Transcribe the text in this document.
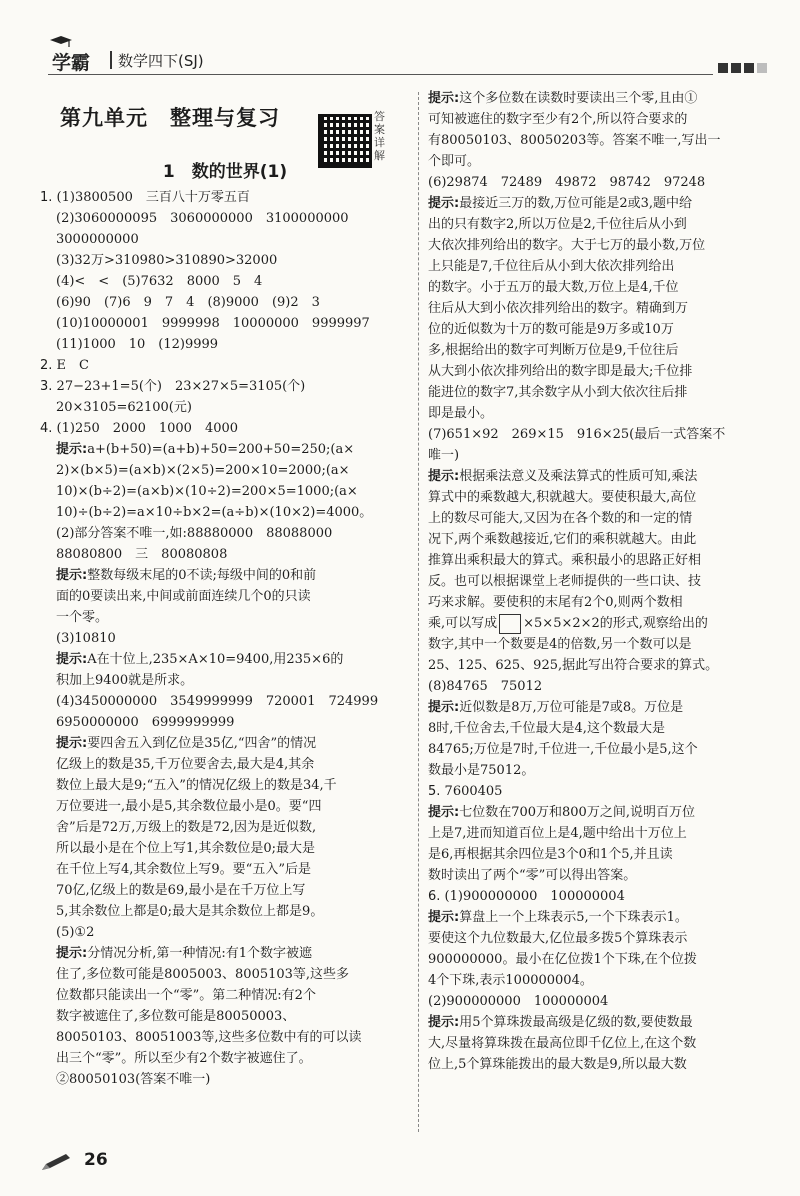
学霸 数学四下(SJ)
第九单元　整理与复习	答案详解
1　数的世界(1)
1. (1)3800500　三百八十万零五百
(2)3060000095　3060000000　3100000000
3000000000
(3)32万>310980>310890>32000
(4)<　<　(5)7632　8000　5　4
(6)90　(7)6　9　7　4　(8)9000　(9)2　3
(10)10000001　9999998　10000000　9999997
(11)1000　10　(12)9999
2. E　C
3. 27−23+1=5(个)　23×27×5=3105(个)
20×3105=62100(元)
4. (1)250　2000　1000　4000
提示:a+(b+50)=(a+b)+50=200+50=250;(a×
2)×(b×5)=(a×b)×(2×5)=200×10=2000;(a×
10)×(b÷2)=(a×b)×(10÷2)=200×5=1000;(a×
10)÷(b÷2)=a×10÷b×2=(a÷b)×(10×2)=4000。
(2)部分答案不唯一,如:88880000　88088000
88080800　三　80080808
提示:整数每级末尾的0不读;每级中间的0和前
面的0要读出来,中间或前面连续几个0的只读
一个零。
(3)10810
提示:A在十位上,235×A×10=9400,用235×6的
积加上9400就是所求。
(4)3450000000　3549999999　720001　724999
6950000000　6999999999
提示:要四舍五入到亿位是35亿,“四舍”的情况
亿级上的数是35,千万位要舍去,最大是4,其余
数位上最大是9;“五入”的情况亿级上的数是34,千
万位要进一,最小是5,其余数位最小是0。要“四
舍”后是72万,万级上的数是72,因为是近似数,
所以最小是在个位上写1,其余数位是0;最大是
在千位上写4,其余数位上写9。要“五入”后是
70亿,亿级上的数是69,最小是在千万位上写
5,其余数位上都是0;最大是其余数位上都是9。
(5)①2
提示:分情况分析,第一种情况:有1个数字被遮
住了,多位数可能是8005003、8005103等,这些多
位数都只能读出一个“零”。第二种情况:有2个
数字被遮住了,多位数可能是80050003、
80050103、80051003等,这些多位数中有的可以读
出三个“零”。所以至少有2个数字被遮住了。
②80050103(答案不唯一)
提示:这个多位数在读数时要读出三个零,且由①
可知被遮住的数字至少有2个,所以符合要求的
有80050103、80050203等。答案不唯一,写出一
个即可。
(6)29874　72489　49872　98742　97248
提示:最接近三万的数,万位可能是2或3,题中给
出的只有数字2,所以万位是2,千位往后从小到
大依次排列给出的数字。大于七万的最小数,万位
上只能是7,千位往后从小到大依次排列给出
的数字。小于五万的最大数,万位上是4,千位
往后从大到小依次排列给出的数字。精确到万
位的近似数为十万的数可能是9万多或10万
多,根据给出的数字可判断万位是9,千位往后
从大到小依次排列给出的数字即是最大;千位排
能进位的数字7,其余数字从小到大依次往后排
即是最小。
(7)651×92　269×15　916×25(最后一式答案不
唯一)
提示:根据乘法意义及乘法算式的性质可知,乘法
算式中的乘数越大,积就越大。要使积最大,高位
上的数尽可能大,又因为在各个数的和一定的情
况下,两个乘数越接近,它们的乘积就越大。由此
推算出乘积最大的算式。乘积最小的思路正好相
反。也可以根据课堂上老师提供的一些口诀、技
巧来求解。要使积的末尾有2个0,则两个数相
乘,可以写成 ×5×5×2×2的形式,观察给出的
数字,其中一个数要是4的倍数,另一个数可以是
25、125、625、925,据此写出符合要求的算式。
(8)84765　75012
提示:近似数是8万,万位可能是7或8。万位是
8时,千位舍去,千位最大是4,这个数最大是
84765;万位是7时,千位进一,千位最小是5,这个
数最小是75012。
5. 7600405
提示:七位数在700万和800万之间,说明百万位
上是7,进而知道百位上是4,题中给出十万位上
是6,再根据其余四位是3个0和1个5,并且读
数时读出了两个“零”可以得出答案。
6. (1)900000000　100000004
提示:算盘上一个上珠表示5,一个下珠表示1。
要使这个九位数最大,亿位最多拨5个算珠表示
900000000。最小在亿位拨1个下珠,在个位拨
4个下珠,表示100000004。
(2)900000000　100000004
提示:用5个算珠拨最高级是亿级的数,要使数最
大,尽量将算珠拨在最高位即千亿位上,在这个数
位上,5个算珠能拨出的最大数是9,所以最大数
26
